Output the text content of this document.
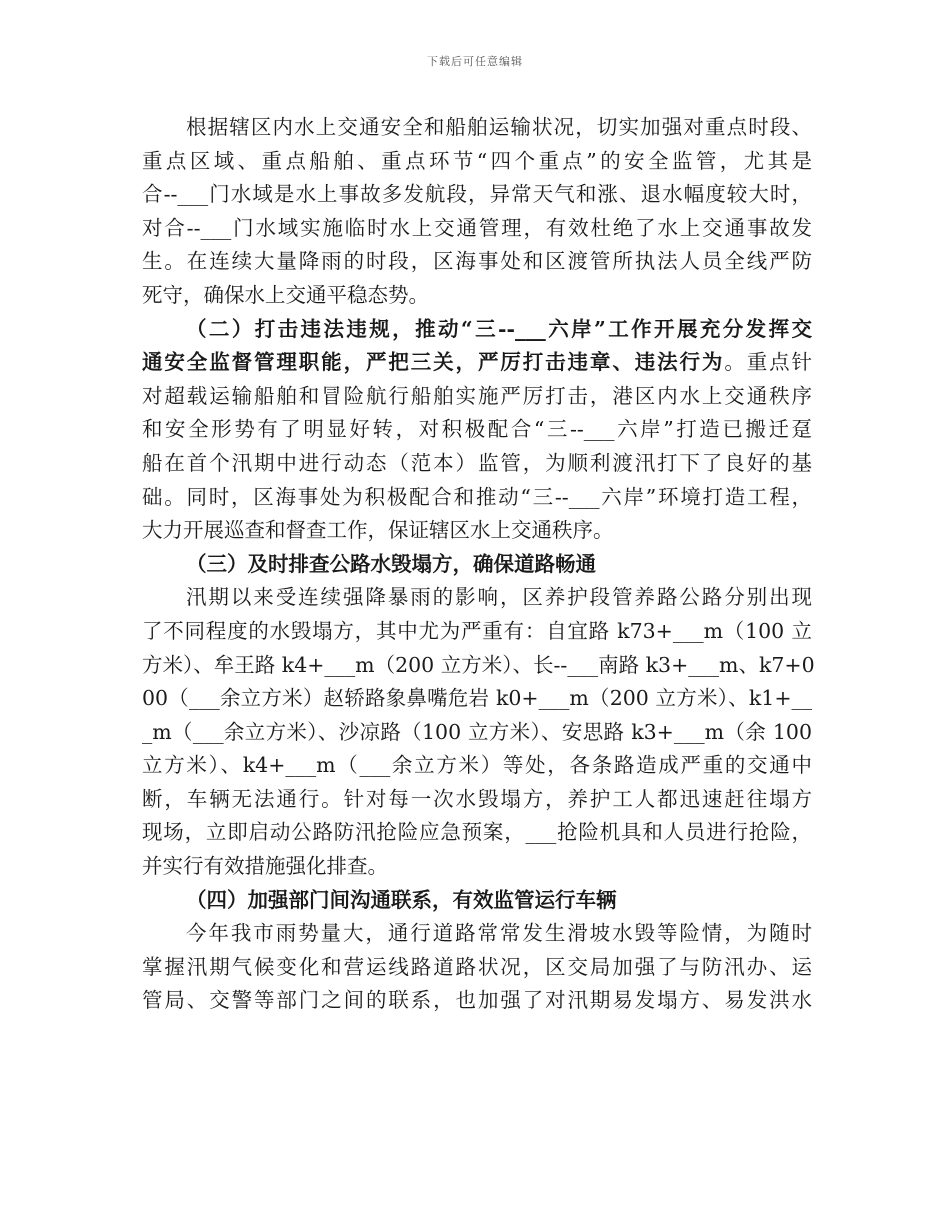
下载后可任意编辑
根据辖区内水上交通安全和船舶运输状况，切实加强对重点时段、
重点区域、重点船舶、重点环节“四个重点”的安全监管，尤其是
合--___门水域是水上事故多发航段，异常天气和涨、退水幅度较大时，
对合--___门水域实施临时水上交通管理，有效杜绝了水上交通事故发
生。在连续大量降雨的时段，区海事处和区渡管所执法人员全线严防
死守，确保水上交通平稳态势。
（二）打击违法违规，推动“三--___六岸”工作开展充分发挥交
通安全监督管理职能，严把三关，严厉打击违章、违法行为。重点针
对超载运输船舶和冒险航行船舶实施严厉打击，港区内水上交通秩序
和安全形势有了明显好转，对积极配合“三--___六岸”打造已搬迁趸
船在首个汛期中进行动态（范本）监管，为顺利渡汛打下了良好的基
础。同时，区海事处为积极配合和推动“三--___六岸”环境打造工程，
大力开展巡查和督查工作，保证辖区水上交通秩序。
（三）及时排查公路水毁塌方，确保道路畅通
汛期以来受连续强降暴雨的影响，区养护段管养路公路分别出现
了不同程度的水毁塌方，其中尤为严重有：自宜路 k73+___m（100 立
方米）、牟王路 k4+___m（200 立方米）、长--___南路 k3+___m、k7+0
00（___余立方米）赵轿路象鼻嘴危岩 k0+___m（200 立方米）、k1+__
_m（___余立方米）、沙凉路（100 立方米）、安思路 k3+___m（余 100
立方米）、k4+___m（___余立方米）等处，各条路造成严重的交通中
断，车辆无法通行。针对每一次水毁塌方，养护工人都迅速赶往塌方
现场，立即启动公路防汛抢险应急预案，___抢险机具和人员进行抢险，
并实行有效措施强化排查。
（四）加强部门间沟通联系，有效监管运行车辆
今年我市雨势量大，通行道路常常发生滑坡水毁等险情，为随时
掌握汛期气候变化和营运线路道路状况，区交局加强了与防汛办、运
管局、交警等部门之间的联系，也加强了对汛期易发塌方、易发洪水
